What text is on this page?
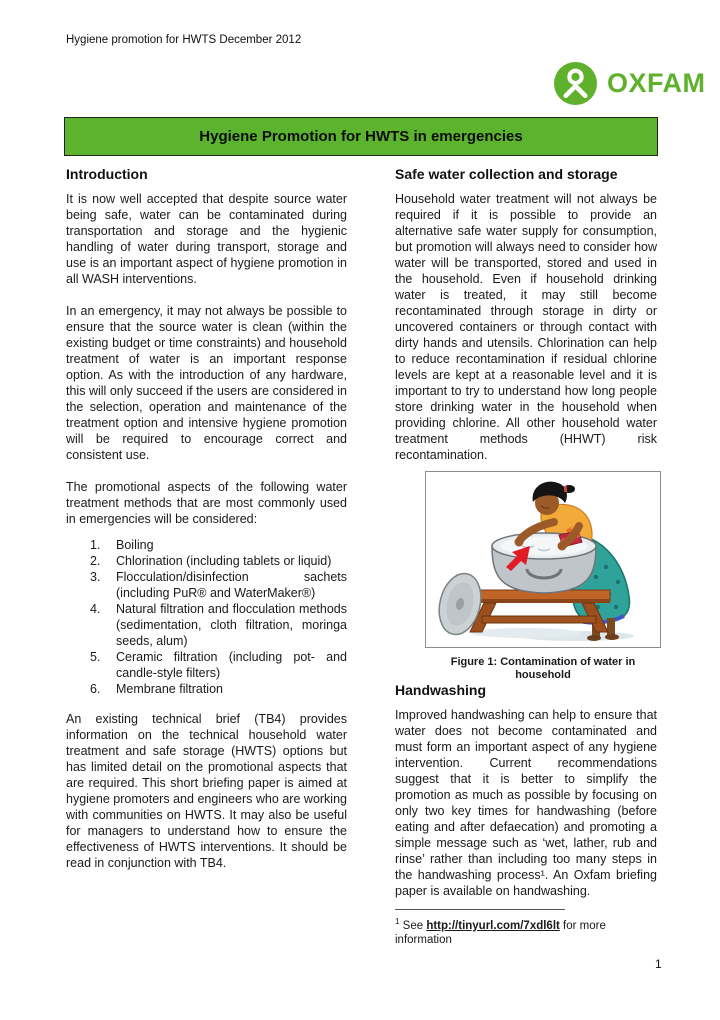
Hygiene promotion for HWTS December 2012
OXFAM
Hygiene Promotion for HWTS in emergencies
Introduction

It is now well accepted that despite source water being safe, water can be contaminated during transportation and storage and the hygienic handling of water during transport, storage and use is an important aspect of hygiene promotion in all WASH interventions.

In an emergency, it may not always be possible to ensure that the source water is clean (within the existing budget or time constraints) and household treatment of water is an important response option. As with the introduction of any hardware, this will only succeed if the users are considered in the selection, operation and maintenance of the treatment option and intensive hygiene promotion will be required to encourage correct and consistent use.

The promotional aspects of the following water treatment methods that are most commonly used in emergencies will be considered:

1.	Boiling
2.	Chlorination (including tablets or liquid)
3.	Flocculation/disinfection sachets (including PuR® and WaterMaker®)
4.	Natural filtration and flocculation methods (sedimentation, cloth filtration, moringa seeds, alum)
5.	Ceramic filtration (including pot- and candle-style filters)
6.	Membrane filtration

An existing technical brief (TB4) provides information on the technical household water treatment and safe storage (HWTS) options but has limited detail on the promotional aspects that are required. This short briefing paper is aimed at hygiene promoters and engineers who are working with communities on HWTS. It may also be useful for managers to understand how to ensure the effectiveness of HWTS interventions. It should be read in conjunction with TB4.

Safe water collection and storage

Household water treatment will not always be required if it is possible to provide an alternative safe water supply for consumption, but promotion will always need to consider how water will be transported, stored and used in the household. Even if household drinking water is treated, it may still become recontaminated through storage in dirty or uncovered containers or through contact with dirty hands and utensils. Chlorination can help to reduce recontamination if residual chlorine levels are kept at a reasonable level and it is important to try to understand how long people store drinking water in the household when providing chlorine. All other household water treatment methods (HHWT) risk recontamination.

Figure 1: Contamination of water in household
Handwashing

Improved handwashing can help to ensure that water does not become contaminated and must form an important aspect of any hygiene intervention. Current recommendations suggest that it is better to simplify the promotion as much as possible by focusing on only two key times for handwashing (before eating and after defaecation) and promoting a simple message such as ‘wet, lather, rub and rinse’ rather than including too many steps in the handwashing process¹. An Oxfam briefing paper is available on handwashing.

$^1$ See http://tinyurl.com/7xdl6lt for more information
1
